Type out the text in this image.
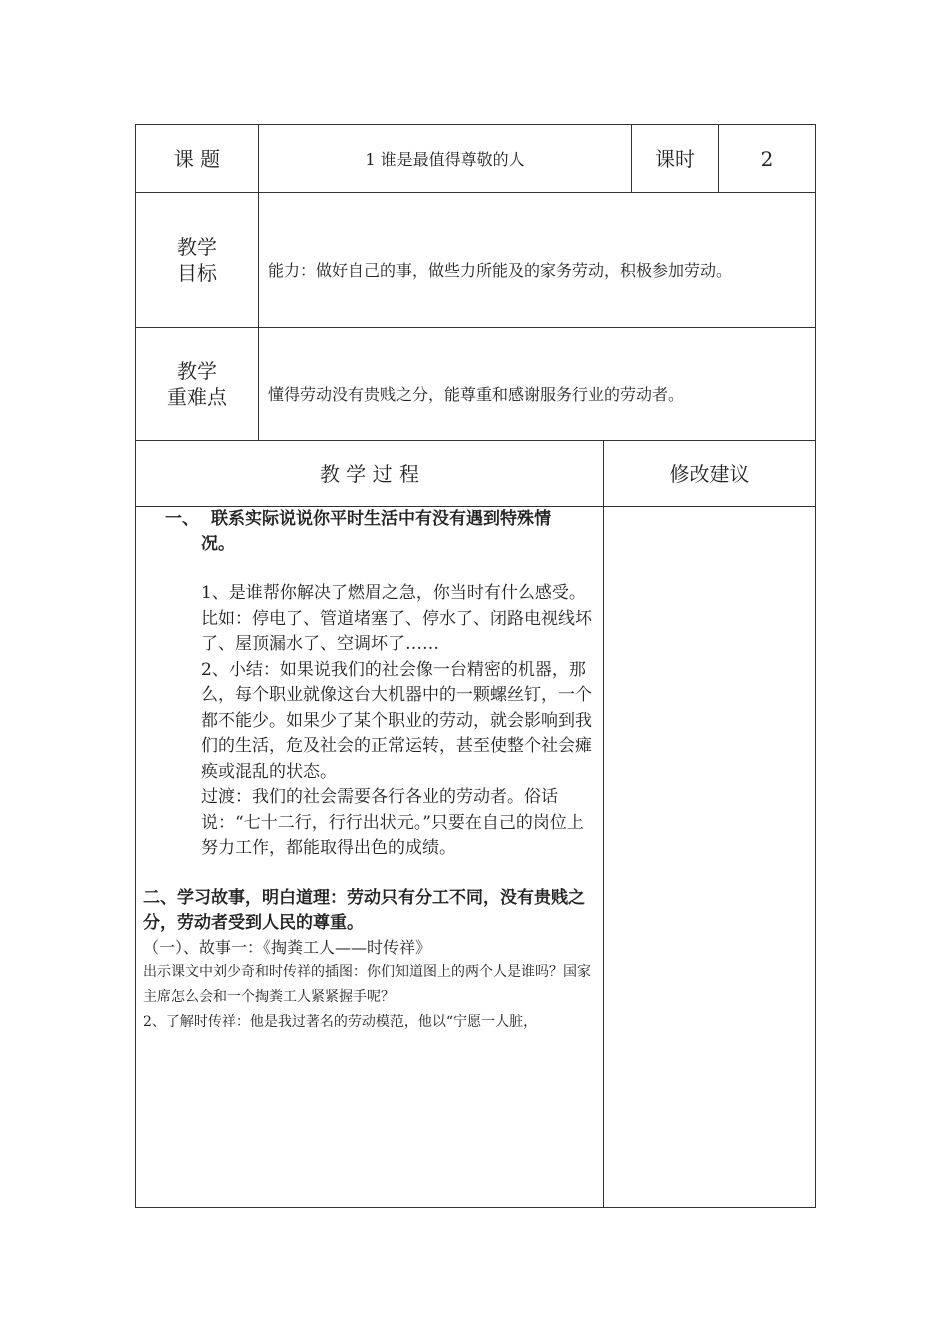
课 题	1 谁是最值得尊敬的人	课时	2
教学
目标	能力：做好自己的事，做些力所能及的家务劳动，积极参加劳动。
教学
重难点	懂得劳动没有贵贱之分，能尊重和感谢服务行业的劳动者。
教 学 过 程	修改建议
一、 联系实际说说你平时生活中有没有遇到特殊情
况。

1、是谁帮你解决了燃眉之急，你当时有什么感受。比如：停电了、管道堵塞了、停水了、闭路电视线坏了、屋顶漏水了、空调坏了……

2、小结：如果说我们的社会像一台精密的机器，那么，每个职业就像这台大机器中的一颗螺丝钉，一个都不能少。如果少了某个职业的劳动，就会影响到我们的生活，危及社会的正常运转，甚至使整个社会瘫痪或混乱的状态。

过渡：我们的社会需要各行各业的劳动者。俗话说：“七十二行，行行出状元。”只要在自己的岗位上努力工作，都能取得出色的成绩。

二、学习故事，明白道理：劳动只有分工不同，没有贵贱之分，劳动者受到人民的尊重。

（一）、故事一：《掏粪工人——时传祥》

出示课文中刘少奇和时传祥的插图：你们知道图上的两个人是谁吗？国家主席怎么会和一个掏粪工人紧紧握手呢？

2、了解时传祥：他是我过著名的劳动模范，他以“宁愿一人脏，
